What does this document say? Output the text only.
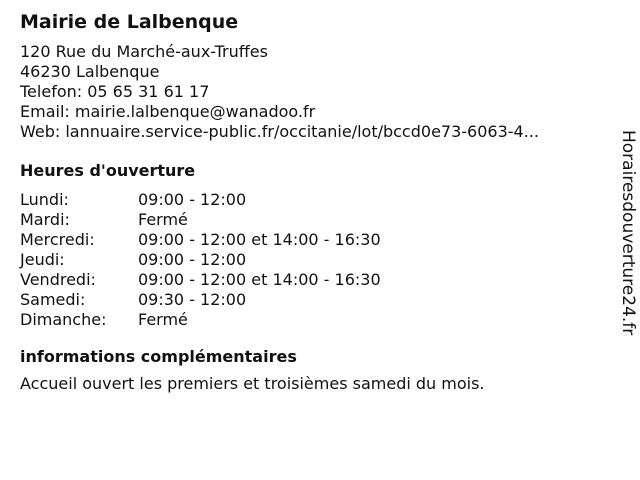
Mairie de Lalbenque
120 Rue du Marché-aux-Truffes
46230 Lalbenque
Telefon: 05 65 31 61 17
Email: mairie.lalbenque@wanadoo.fr
Web: lannuaire.service-public.fr/occitanie/lot/bccd0e73-6063-4...
Heures d'ouverture
Lundi:	09:00 - 12:00
Mardi:	Fermé
Mercredi:	09:00 - 12:00 et 14:00 - 16:30
Jeudi:	09:00 - 12:00
Vendredi:	09:00 - 12:00 et 14:00 - 16:30
Samedi:	09:30 - 12:00
Dimanche:	Fermé
informations complémentaires
Accueil ouvert les premiers et troisièmes samedi du mois.
Horairesdouverture24.fr
